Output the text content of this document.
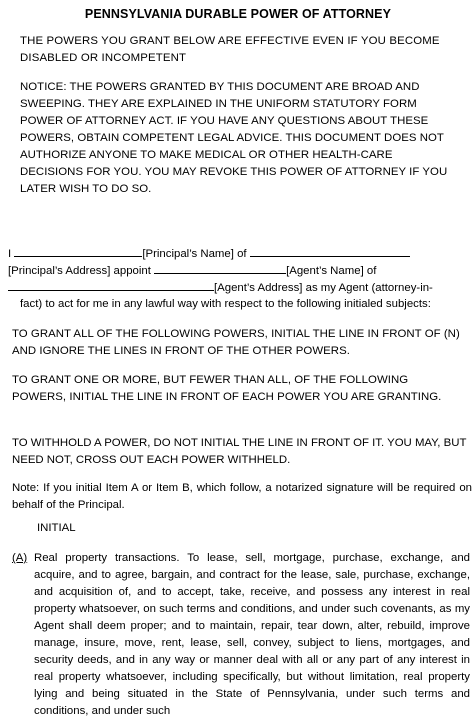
PENNSYLVANIA DURABLE POWER OF ATTORNEY

THE POWERS YOU GRANT BELOW ARE EFFECTIVE EVEN IF YOU BECOME DISABLED OR INCOMPETENT

NOTICE: THE POWERS GRANTED BY THIS DOCUMENT ARE BROAD AND SWEEPING. THEY ARE EXPLAINED IN THE UNIFORM STATUTORY FORM POWER OF ATTORNEY ACT. IF YOU HAVE ANY QUESTIONS ABOUT THESE POWERS, OBTAIN COMPETENT LEGAL ADVICE. THIS DOCUMENT DOES NOT AUTHORIZE ANYONE TO MAKE MEDICAL OR OTHER HEALTH-CARE DECISIONS FOR YOU. YOU MAY REVOKE THIS POWER OF ATTORNEY IF YOU LATER WISH TO DO SO.

I	[Principal’s Name] of
[Principal’s Address] appoint	[Agent’s Name] of
[Agent’s Address] as my Agent (attorney-in-
fact) to act for me in any lawful way with respect to the following initialed subjects:

TO GRANT ALL OF THE FOLLOWING POWERS, INITIAL THE LINE IN FRONT OF (N) AND IGNORE THE LINES IN FRONT OF THE OTHER POWERS.

TO GRANT ONE OR MORE, BUT FEWER THAN ALL, OF THE FOLLOWING POWERS, INITIAL THE LINE IN FRONT OF EACH POWER YOU ARE GRANTING.

TO WITHHOLD A POWER, DO NOT INITIAL THE LINE IN FRONT OF IT. YOU MAY, BUT NEED NOT, CROSS OUT EACH POWER WITHHELD.

Note: If you initial Item A or Item B, which follow, a notarized signature will be required on behalf of the Principal.

INITIAL
(A) Real property transactions. To lease, sell, mortgage, purchase, exchange, and acquire, and to agree, bargain, and contract for the lease, sale, purchase, exchange, and acquisition of, and to accept, take, receive, and possess any interest in real property whatsoever, on such terms and conditions, and under such covenants, as my Agent shall deem proper; and to maintain, repair, tear down, alter, rebuild, improve manage, insure, move, rent, lease, sell, convey, subject to liens, mortgages, and security deeds, and in any way or manner deal with all or any part of any interest in real property whatsoever, including specifically, but without limitation, real property lying and being situated in the State of Pennsylvania, under such terms and conditions, and under such
